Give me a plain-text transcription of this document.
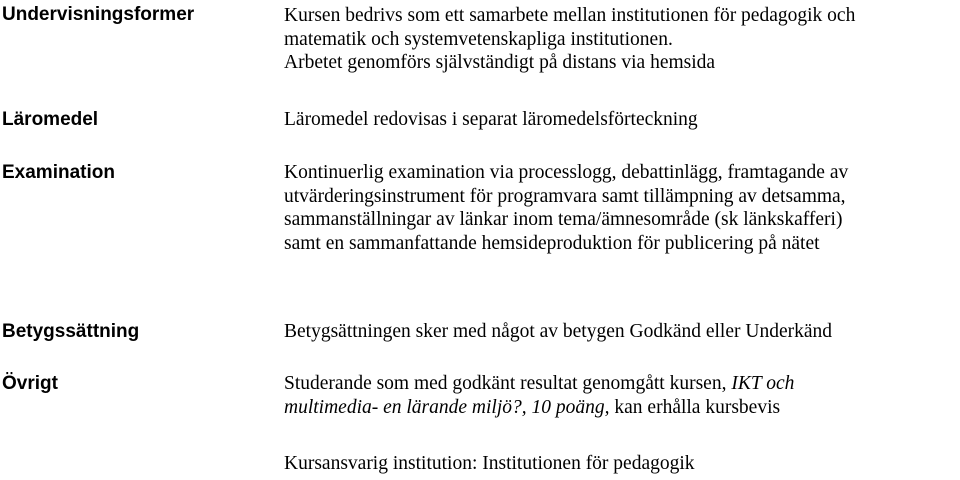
Undervisningsformer	Kursen bedrivs som ett samarbete mellan institutionen för pedagogik och
matematik och systemvetenskapliga institutionen.
Arbetet genomförs självständigt på distans via hemsida
Läromedel	Läromedel redovisas i separat läromedelsförteckning
Examination	Kontinuerlig examination via processlogg, debattinlägg, framtagande av
utvärderingsinstrument för programvara samt tillämpning av detsamma,
sammanställningar av länkar inom tema/ämnesområde (sk länkskafferi)
samt en sammanfattande hemsideproduktion för publicering på nätet
Betygssättning	Betygsättningen sker med något av betygen Godkänd eller Underkänd
Övrigt	Studerande som med godkänt resultat genomgått kursen, IKT och
multimedia- en lärande miljö?, 10 poäng, kan erhålla kursbevis
Kursansvarig institution: Institutionen för pedagogik
